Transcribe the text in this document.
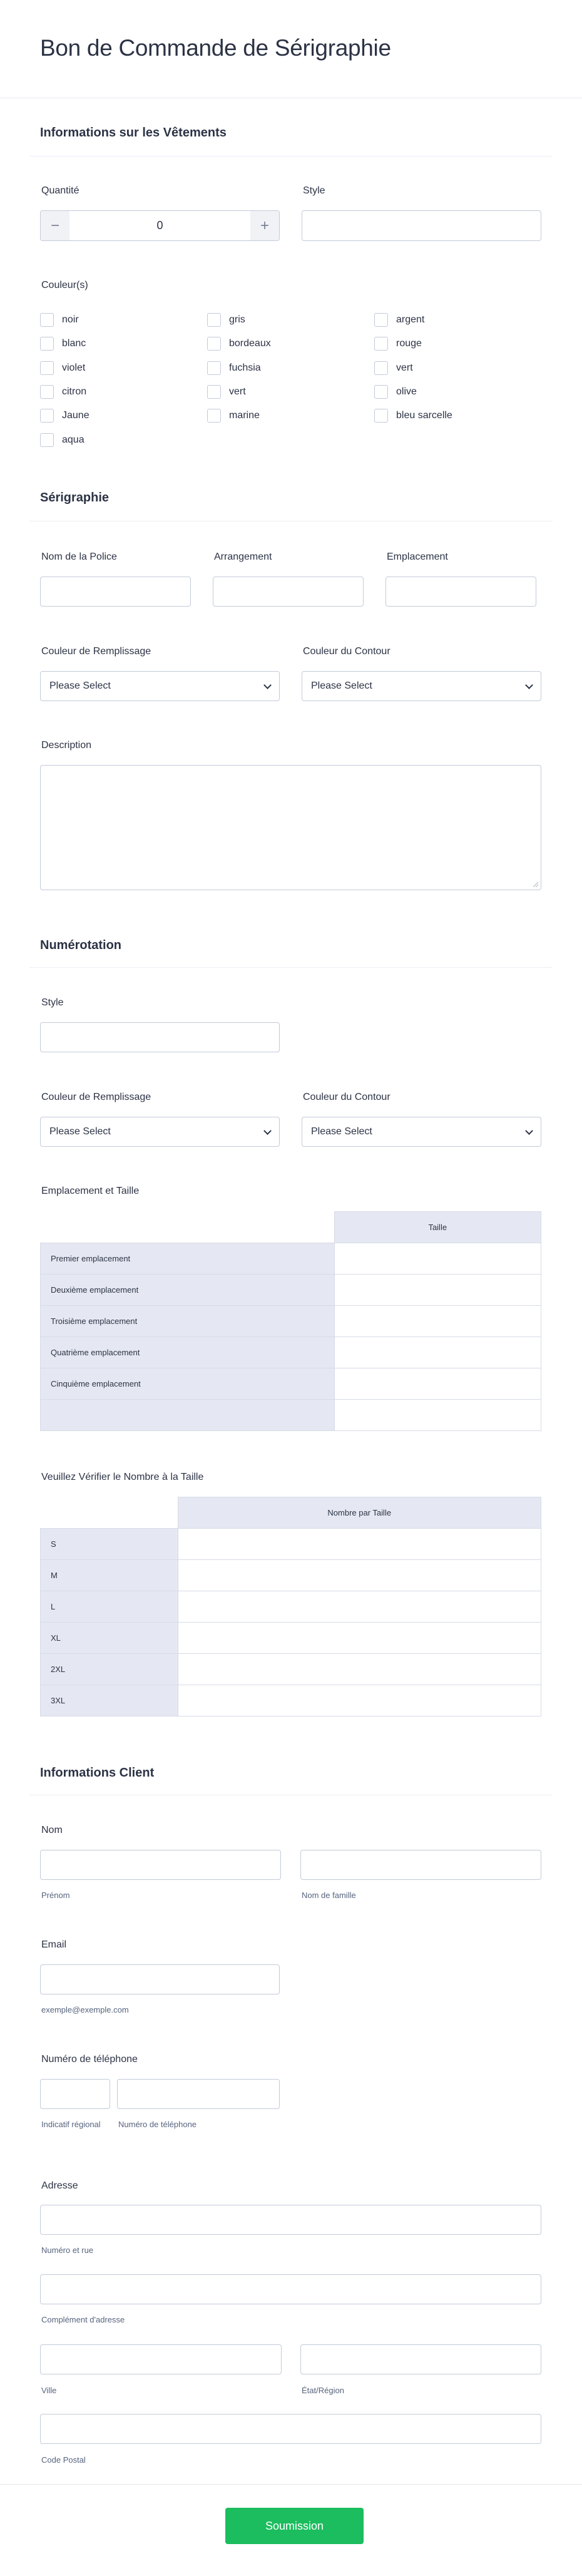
Bon de Commande de Sérigraphie
Informations sur les Vêtements
Quantité
−	0	+
Style
Couleur(s)
noir	gris	argent
blanc	bordeaux	rouge
violet	fuchsia	vert
citron	vert	olive
Jaune	marine	bleu sarcelle
aqua
Sérigraphie
Nom de la Police	Arrangement	Emplacement
Couleur de Remplissage
Please Select
Couleur du Contour
Please Select
Description
Numérotation
Style
Couleur de Remplissage
Please Select
Couleur du Contour
Please Select
Emplacement et Taille
	Taille
Premier emplacement	
Deuxième emplacement	
Troisième emplacement	
Quatrième emplacement	
Cinquième emplacement	

Veuillez Vérifier le Nombre à la Taille
	Nombre par Taille
S	
M	
L	
XL	
2XL	
3XL	
Informations Client
Nom
Prénom	Nom de famille
Email
exemple@exemple.com
Numéro de téléphone
Indicatif régional	Numéro de téléphone
Adresse
Numéro et rue
Complément d'adresse
Ville	État/Région
Code Postal
Soumission
